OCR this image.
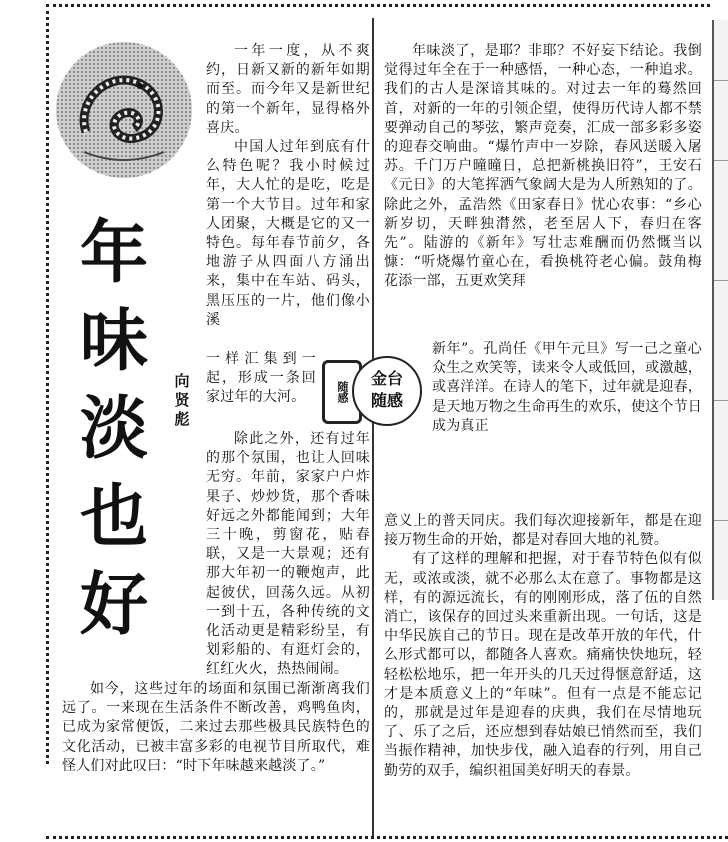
年
味
淡
也
好
向
贤
彪

一年一度，从不爽约，日新又新的新年如期而至。而今年又是新世纪的第一个新年，显得格外喜庆。

中国人过年到底有什么特色呢？我小时候过年，大人忙的是吃，吃是第一个大节目。过年和家人团聚，大概是它的又一特色。每年春节前夕，各地游子从四面八方涌出来，集中在车站、码头，黑压压的一片，他们像小溪

一样汇集到一起，形成一条回家过年的大河。

除此之外，还有过年的那个氛围，也让人回味无穷。年前，家家户户炸果子、炒炒货，那个香味好远之外都能闻到；大年三十晚，剪窗花，贴春联，又是一大景观；还有那大年初一的鞭炮声，此起彼伏，回荡久远。从初一到十五，各种传统的文化活动更是精彩纷呈，有划彩船的、有逛灯会的，红红火火，热热闹闹。

如今，这些过年的场面和氛围已渐渐离我们远了。一来现在生活条件不断改善，鸡鸭鱼肉，已成为家常便饭，二来过去那些极具民族特色的文化活动，已被丰富多彩的电视节目所取代，难怪人们对此叹曰：“时下年味越来越淡了。”

年味淡了，是耶？非耶？不好妄下结论。我倒觉得过年全在于一种感悟，一种心态，一种追求。我们的古人是深谙其味的。对过去一年的蓦然回首，对新的一年的引领企望，使得历代诗人都不禁要弹动自己的琴弦，繁声竞奏，汇成一部多彩多姿的迎春交响曲。“爆竹声中一岁除，春风送暖入屠苏。千门万户曈曈日，总把新桃换旧符”，王安石《元日》的大笔挥洒气象阔大是为人所熟知的了。除此之外，孟浩然《田家春日》忧心农事：“乡心新岁切，天畔独潸然，老至居人下，春归在客先”。陆游的《新年》写壮志难酬而仍然慨当以慷：“听烧爆竹童心在，看换桃符老心偏。鼓角梅花添一部，五更欢笑拜

新年”。孔尚任《甲午元旦》写一己之童心众生之欢笑等，读来令人或低回，或激越，或喜洋洋。在诗人的笔下，过年就是迎春，是天地万物之生命再生的欢乐，使这个节日成为真正

意义上的普天同庆。我们每次迎接新年，都是在迎接万物生命的开始，都是对春回大地的礼赞。

有了这样的理解和把握，对于春节特色似有似无，或浓或淡，就不必那么太在意了。事物都是这样，有的源远流长，有的刚刚形成，落了伍的自然消亡，该保存的回过头来重新出现。一句话，这是中华民族自己的节日。现在是改革开放的年代，什么形式都可以，都随各人喜欢。痛痛快快地玩，轻轻松松地乐，把一年开头的几天过得惬意舒适，这才是本质意义上的“年味”。但有一点是不能忘记的，那就是过年是迎春的庆典，我们在尽情地玩了、乐了之后，还应想到春姑娘已悄然而至，我们当振作精神，加快步伐，融入追春的行列，用自己勤劳的双手，编织祖国美好明天的春景。

随感
金台
随感
